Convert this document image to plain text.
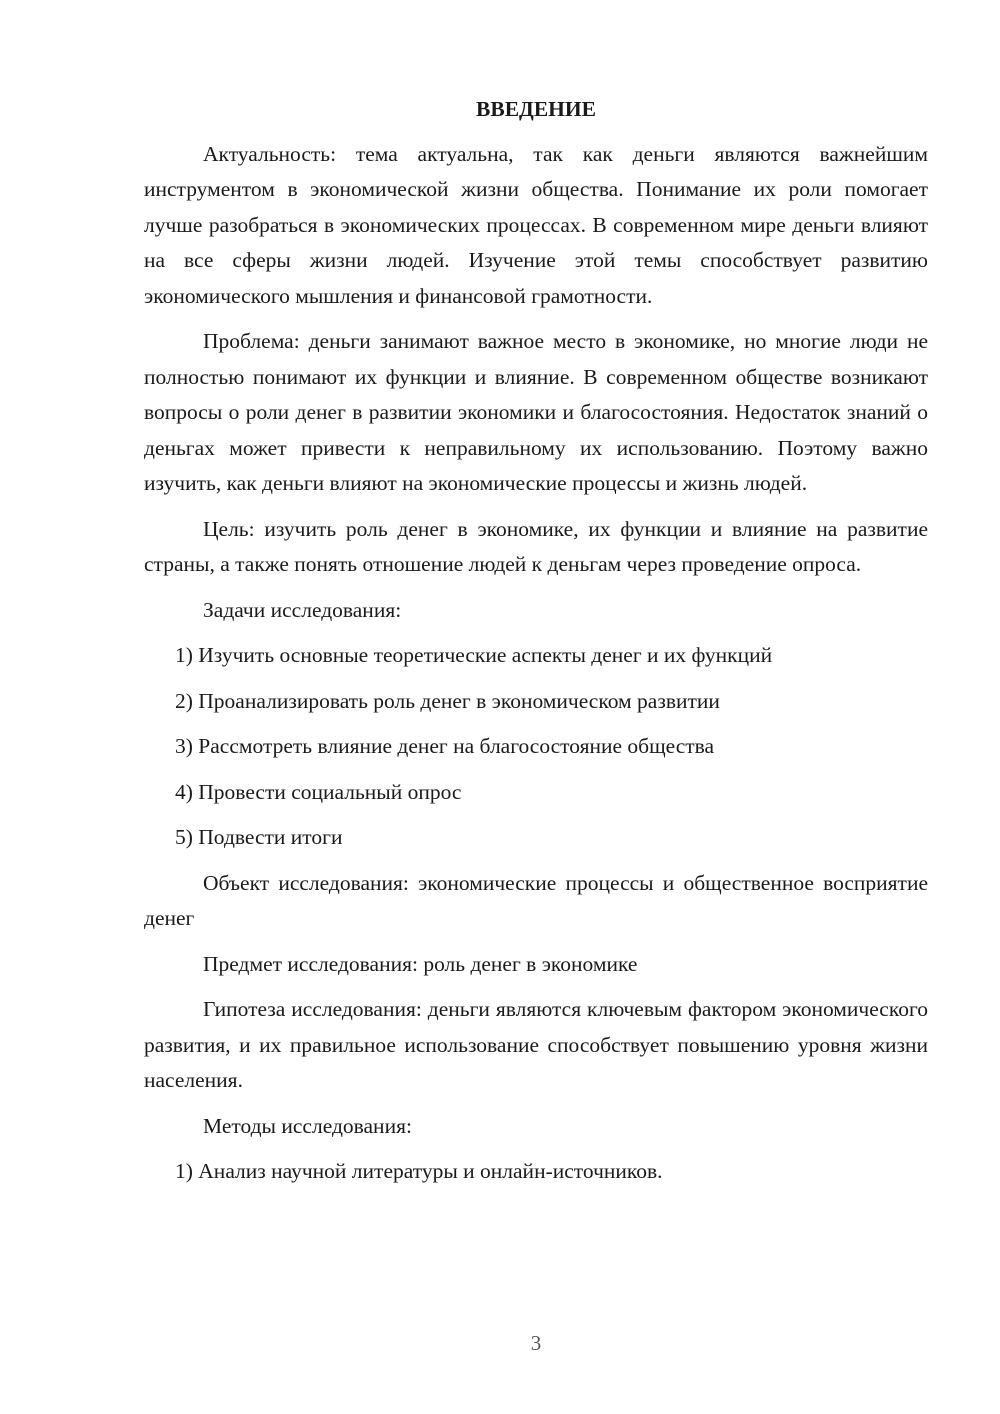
ВВЕДЕНИЕ

Актуальность: тема актуальна, так как деньги являются важнейшим инструментом в экономической жизни общества. Понимание их роли помогает лучше разобраться в экономических процессах. В современном мире деньги влияют на все сферы жизни людей. Изучение этой темы способствует развитию экономического мышления и финансовой грамотности.

Проблема: деньги занимают важное место в экономике, но многие люди не полностью понимают их функции и влияние. В современном обществе возникают вопросы о роли денег в развитии экономики и благосостояния. Недостаток знаний о деньгах может привести к неправильному их использованию. Поэтому важно изучить, как деньги влияют на экономические процессы и жизнь людей.

Цель: изучить роль денег в экономике, их функции и влияние на развитие страны, а также понять отношение людей к деньгам через проведение опроса.

Задачи исследования:

1) Изучить основные теоретические аспекты денег и их функций

2) Проанализировать роль денег в экономическом развитии

3) Рассмотреть влияние денег на благосостояние общества

4) Провести социальный опрос

5) Подвести итоги

Объект исследования: экономические процессы и общественное восприятие денег

Предмет исследования: роль денег в экономике

Гипотеза исследования: деньги являются ключевым фактором экономического развития, и их правильное использование способствует повышению уровня жизни населения.

Методы исследования:

1) Анализ научной литературы и онлайн-источников.

3
